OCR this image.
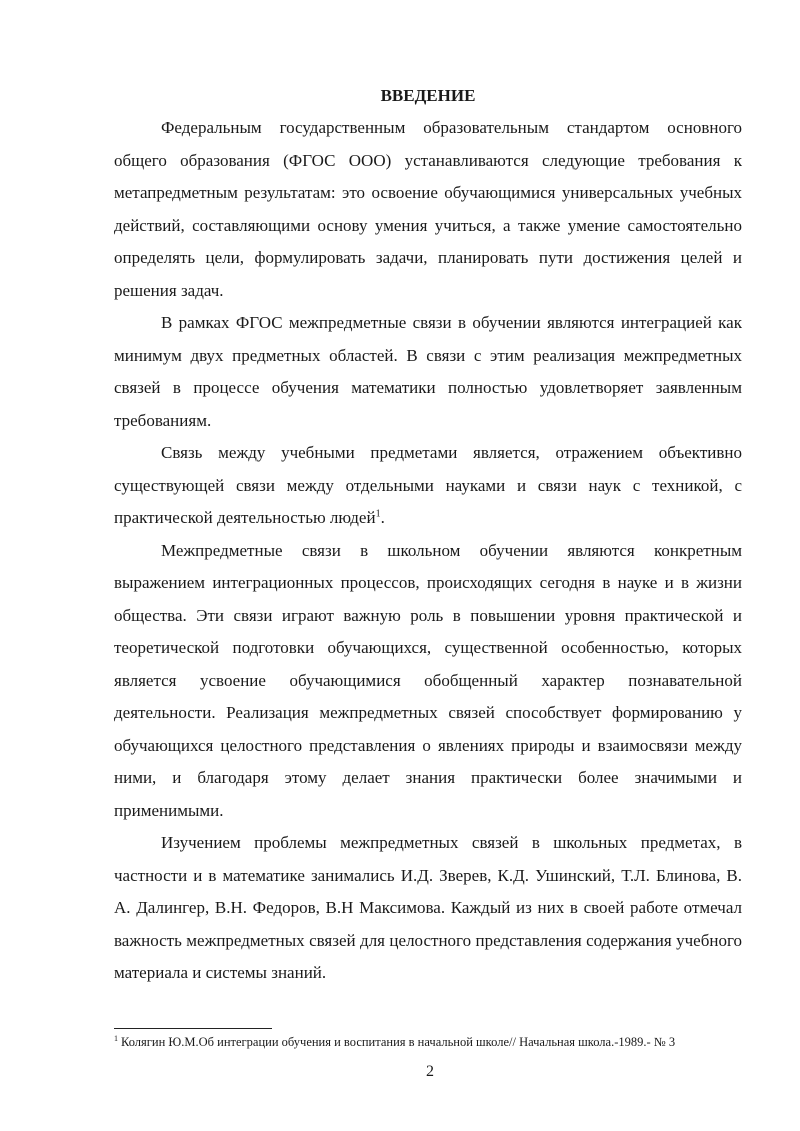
ВВЕДЕНИЕ

Федеральным государственным образовательным стандартом основного общего образования (ФГОС ООО) устанавливаются следующие требования к метапредметным результатам: это освоение обучающимися универсальных учебных действий, составляющими основу умения учиться, а также умение самостоятельно определять цели, формулировать задачи, планировать пути достижения целей и решения задач.

В рамках ФГОС межпредметные связи в обучении являются интеграцией как минимум двух предметных областей. В связи с этим реализация межпредметных связей в процессе обучения математики полностью удовлетворяет заявленным требованиям.

Связь между учебными предметами является, отражением объективно существующей связи между отдельными науками и связи наук с техникой, с практической деятельностью людей$^1$.

Межпредметные связи в школьном обучении являются конкретным выражением интеграционных процессов, происходящих сегодня в науке и в жизни общества. Эти связи играют важную роль в повышении уровня практической и теоретической подготовки обучающихся, существенной особенностью, которых является усвоение обучающимися обобщенный характер познавательной деятельности. Реализация межпредметных связей способствует формированию у обучающихся целостного представления о явлениях природы и взаимосвязи между ними, и благодаря этому делает знания практически более значимыми и применимыми.

Изучением проблемы межпредметных связей в школьных предметах, в частности и в математике занимались И.Д. Зверев, К.Д. Ушинский, Т.Л. Блинова, В. А. Далингер, В.Н. Федоров, В.Н Максимова. Каждый из них в своей работе отмечал важность межпредметных связей для целостного представления содержания учебного материала и системы знаний.

$^1$ Колягин Ю.М.Об интеграции обучения и воспитания в начальной школе// Начальная школа.-1989.- № 3
2
